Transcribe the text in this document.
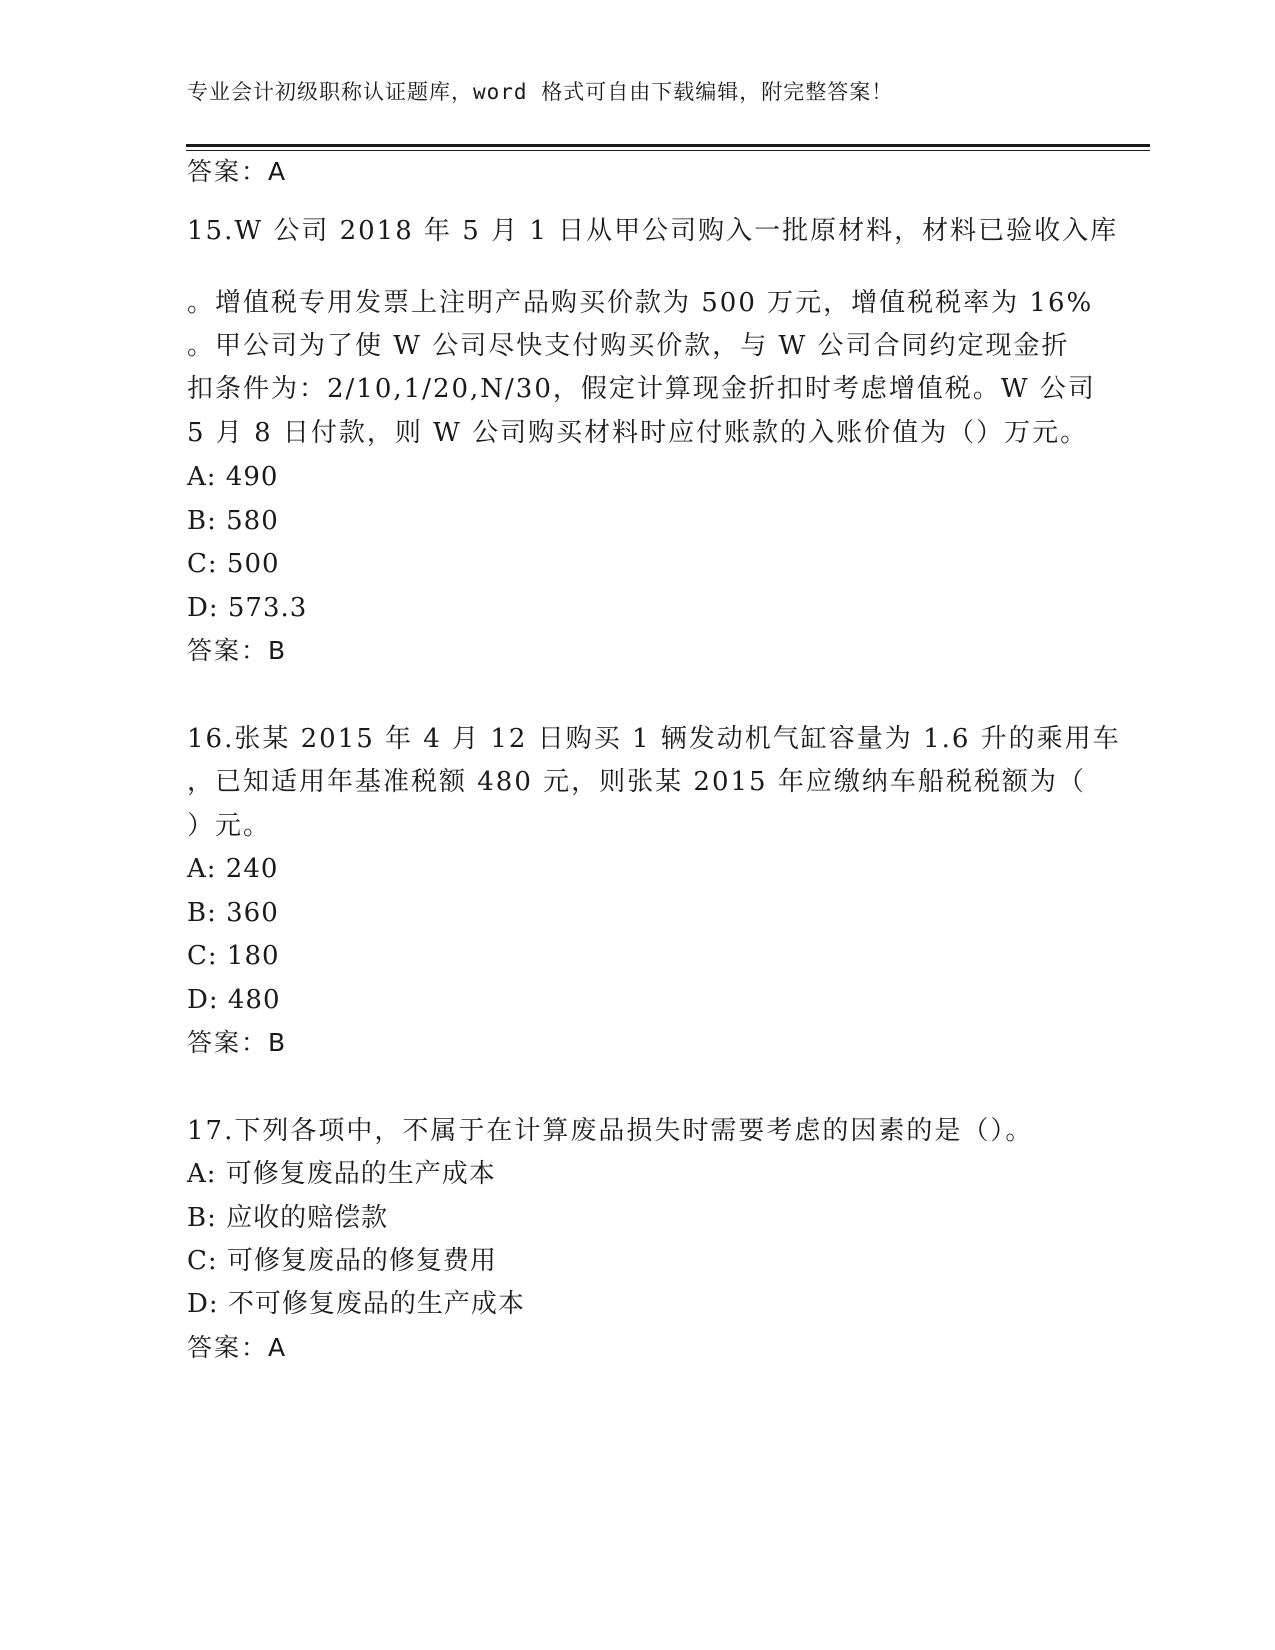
专业会计初级职称认证题库，word 格式可自由下载编辑，附完整答案！
答案：A
15.W 公司 2018 年 5 月 1 日从甲公司购入一批原材料，材料已验收入库
。增值税专用发票上注明产品购买价款为 500 万元，增值税税率为 16%
。甲公司为了使 W 公司尽快支付购买价款，与 W 公司合同约定现金折
扣条件为：2/10,1/20,N/30，假定计算现金折扣时考虑增值税。W 公司
5 月 8 日付款，则 W 公司购买材料时应付账款的入账价值为（）万元。
A: 490
B: 580
C: 500
D: 573.3
答案：B
16.张某 2015 年 4 月 12 日购买 1 辆发动机气缸容量为 1.6 升的乘用车
，已知适用年基准税额 480 元，则张某 2015 年应缴纳车船税税额为（
）元。
A: 240
B: 360
C: 180
D: 480
答案：B
17.下列各项中，不属于在计算废品损失时需要考虑的因素的是（）。
A: 可修复废品的生产成本
B: 应收的赔偿款
C: 可修复废品的修复费用
D: 不可修复废品的生产成本
答案：A
